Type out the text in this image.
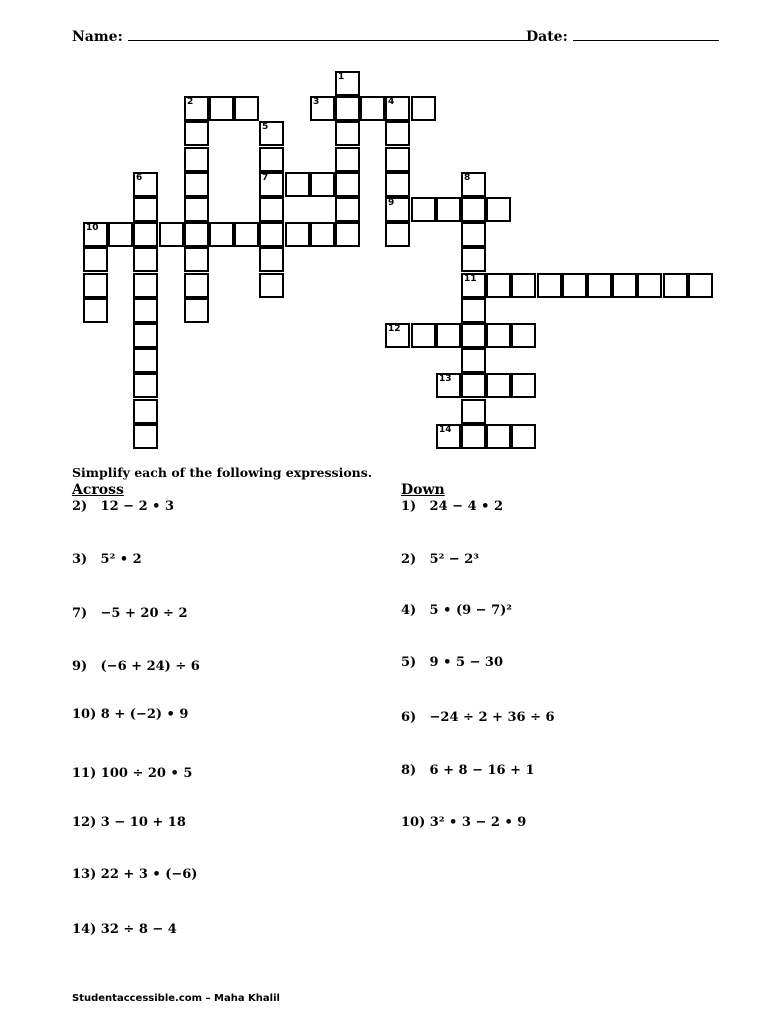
Name:	Date:
1
2	3	4
5
6	7	8
9
10
11
12
13
14
Simplify each of the following expressions.
Across	Down
2) 12 − 2 • 3
3) 5² • 2
7) −5 + 20 ÷ 2
9) (−6 + 24) ÷ 6
10) 8 + (−2) • 9
11) 100 ÷ 20 • 5
12) 3 − 10 + 18
13) 22 + 3 • (−6)
14) 32 ÷ 8 − 4
1) 24 − 4 • 2
2) 5² − 2³
4) 5 • (9 − 7)²
5) 9 • 5 − 30
6) −24 ÷ 2 + 36 ÷ 6
8) 6 + 8 − 16 + 1
10) 3² • 3 − 2 • 9
Studentaccessible.com – Maha Khalil
